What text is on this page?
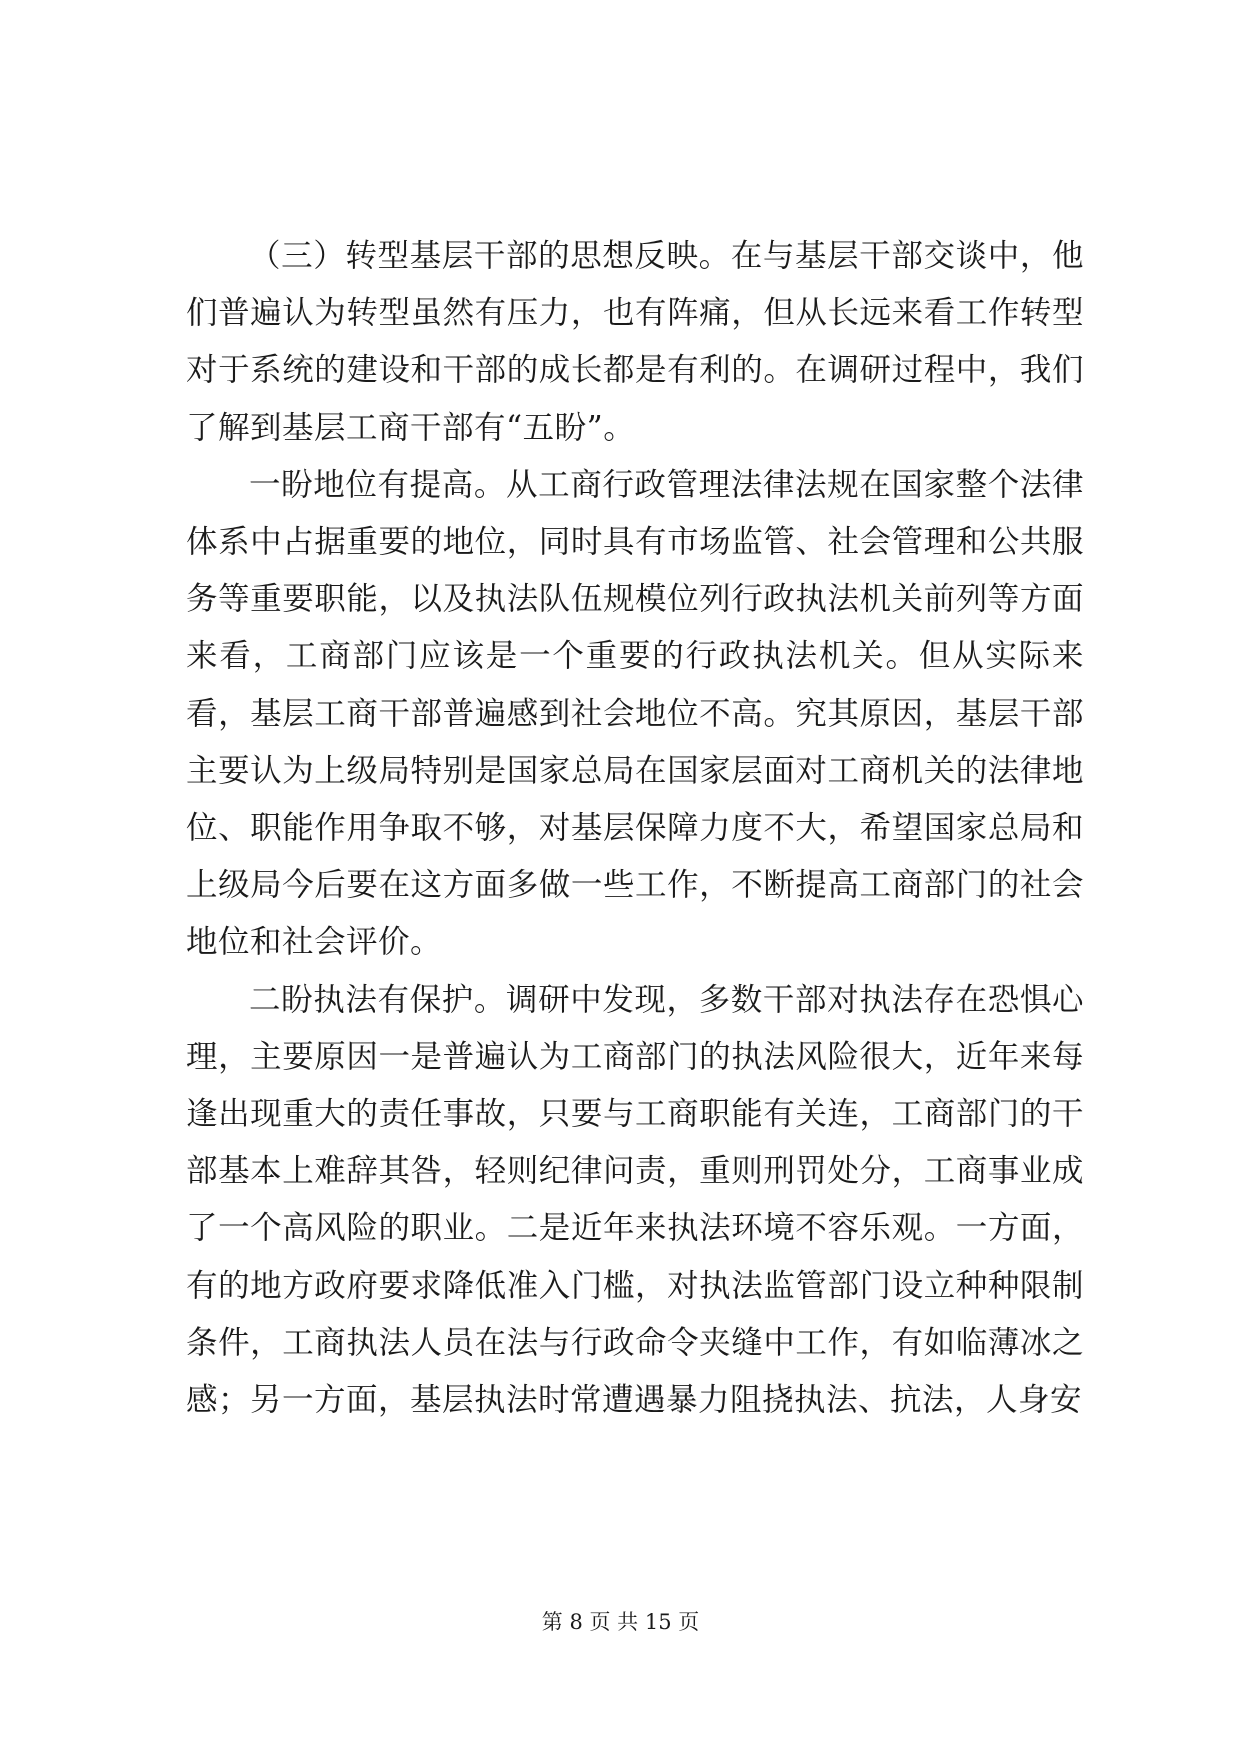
（三）转型基层干部的思想反映。在与基层干部交谈中，他们普遍认为转型虽然有压力，也有阵痛，但从长远来看工作转型对于系统的建设和干部的成长都是有利的。在调研过程中，我们了解到基层工商干部有“五盼”。

一盼地位有提高。从工商行政管理法律法规在国家整个法律体系中占据重要的地位，同时具有市场监管、社会管理和公共服务等重要职能，以及执法队伍规模位列行政执法机关前列等方面来看，工商部门应该是一个重要的行政执法机关。但从实际来看，基层工商干部普遍感到社会地位不高。究其原因，基层干部主要认为上级局特别是国家总局在国家层面对工商机关的法律地位、职能作用争取不够，对基层保障力度不大，希望国家总局和上级局今后要在这方面多做一些工作，不断提高工商部门的社会地位和社会评价。

二盼执法有保护。调研中发现，多数干部对执法存在恐惧心理，主要原因一是普遍认为工商部门的执法风险很大，近年来每逢出现重大的责任事故，只要与工商职能有关连，工商部门的干部基本上难辞其咎，轻则纪律问责，重则刑罚处分，工商事业成了一个高风险的职业。二是近年来执法环境不容乐观。一方面，有的地方政府要求降低准入门槛，对执法监管部门设立种种限制条件，工商执法人员在法与行政命令夹缝中工作，有如临薄冰之感；另一方面，基层执法时常遭遇暴力阻挠执法、抗法，人身安

第 8 页 共 15 页
